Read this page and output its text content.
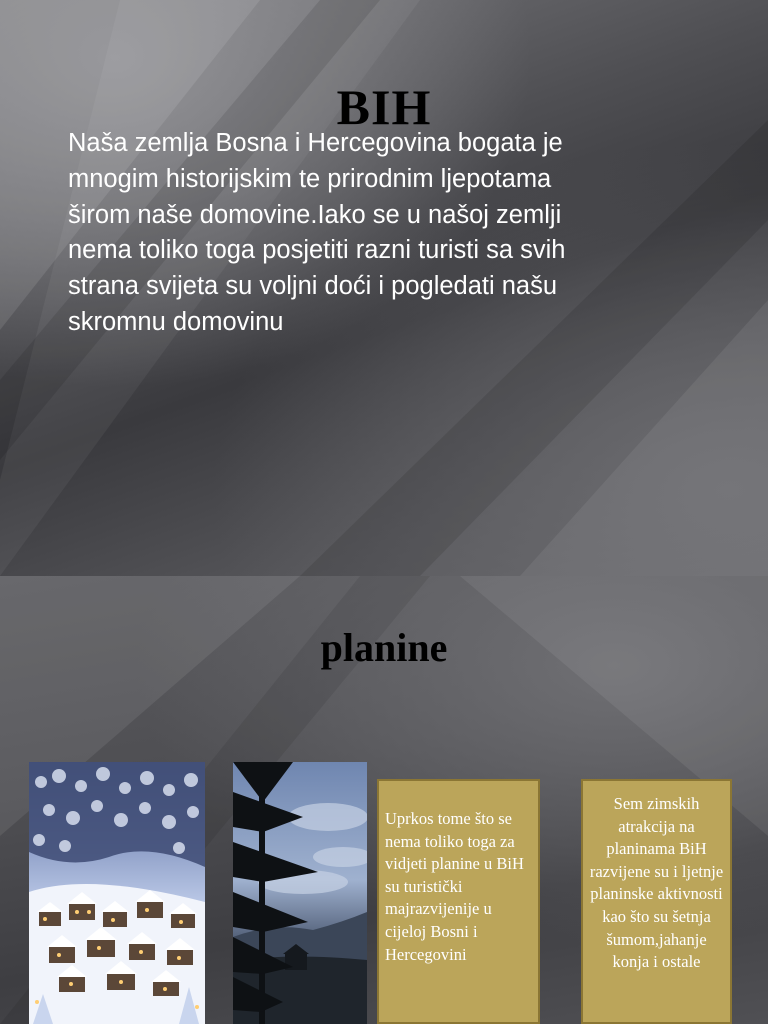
BIH
Naša zemlja Bosna i Hercegovina bogata je mnogim historijskim te prirodnim ljepotama širom naše domovine.Iako se u našoj zemlji nema toliko toga posjetiti razni turisti sa svih strana svijeta su voljni doći i pogledati našu skromnu domovinu
planine
Uprkos tome što se nema toliko toga za vidjeti planine u BiH su turistički majrazvijenije u cijeloj Bosni i Hercegovini
Sem zimskih atrakcija na planinama BiH razvijene su i ljetnje planinske aktivnosti kao što su šetnja šumom,jahanje konja i ostale
